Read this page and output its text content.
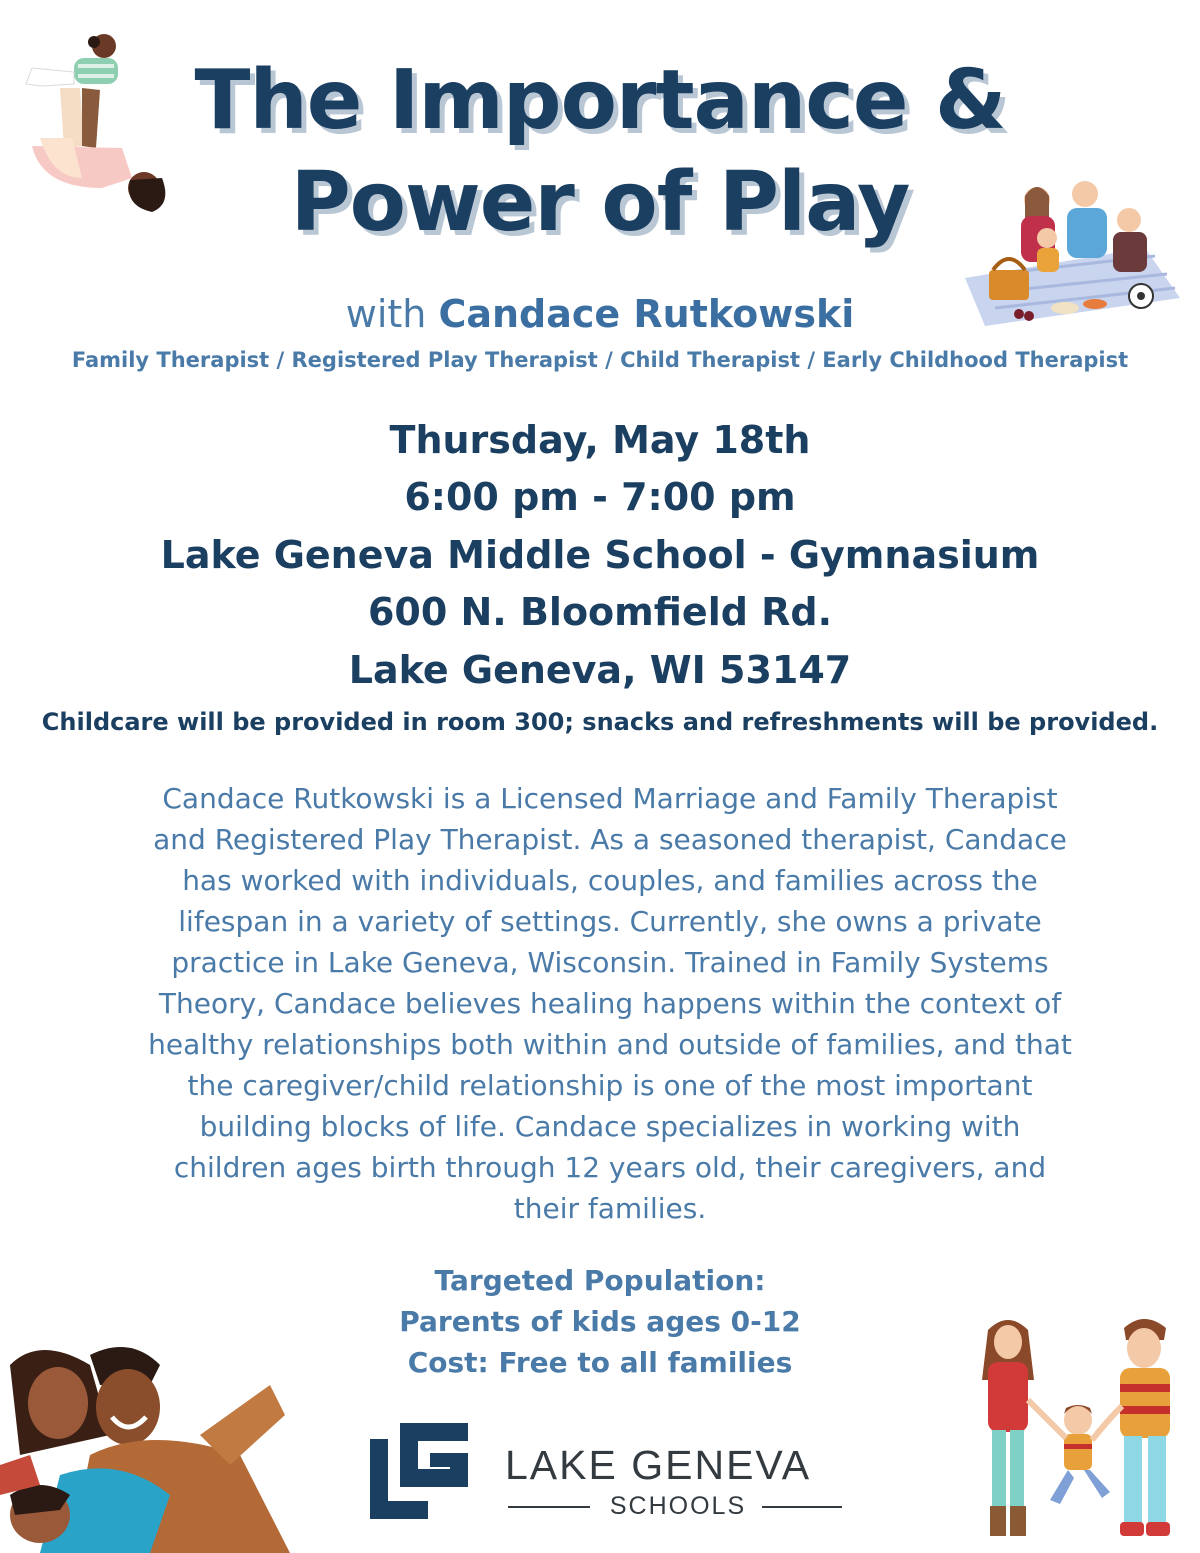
The Importance &
Power of Play
with Candace Rutkowski
Family Therapist / Registered Play Therapist / Child Therapist / Early Childhood Therapist
Thursday, May 18th
6:00 pm - 7:00 pm
Lake Geneva Middle School - Gymnasium
600 N. Bloomfield Rd.
Lake Geneva, WI 53147
Childcare will be provided in room 300; snacks and refreshments will be provided.
Candace Rutkowski is a Licensed Marriage and Family Therapist and Registered Play Therapist. As a seasoned therapist, Candace has worked with individuals, couples, and families across the lifespan in a variety of settings. Currently, she owns a private practice in Lake Geneva, Wisconsin. Trained in Family Systems Theory, Candace believes healing happens within the context of healthy relationships both within and outside of families, and that the caregiver/child relationship is one of the most important building blocks of life. Candace specializes in working with children ages birth through 12 years old, their caregivers, and their families.
Targeted Population:
Parents of kids ages 0-12
Cost: Free to all families
LAKE GENEVA
SCHOOLS
